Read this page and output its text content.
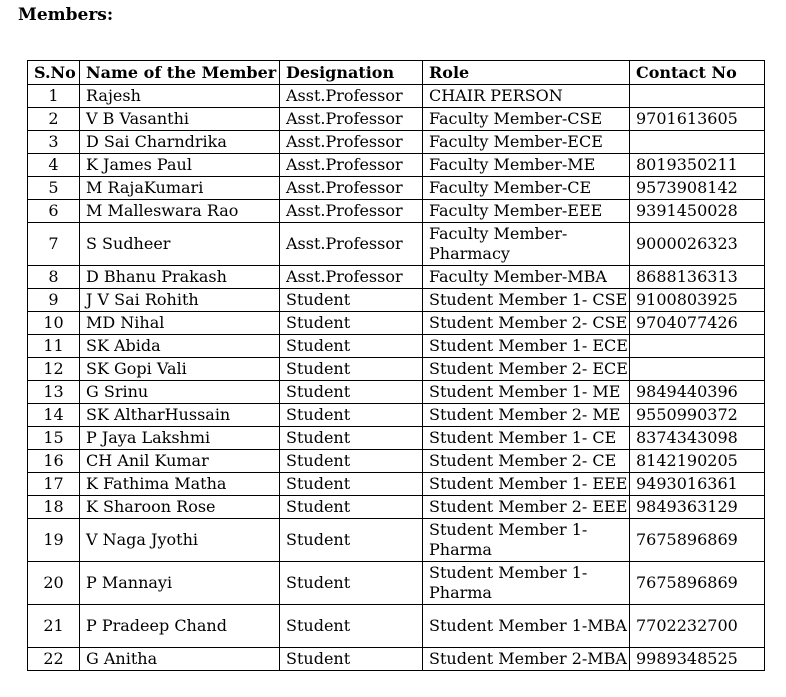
Members:
S.No	Name of the Member	Designation	Role	Contact No
1	Rajesh	Asst.Professor	CHAIR PERSON	
2	V B Vasanthi	Asst.Professor	Faculty Member-CSE	9701613605
3	D Sai Charndrika	Asst.Professor	Faculty Member-ECE	
4	K James Paul	Asst.Professor	Faculty Member-ME	8019350211
5	M RajaKumari	Asst.Professor	Faculty Member-CE	9573908142
6	M Malleswara Rao	Asst.Professor	Faculty Member-EEE	9391450028
7	S Sudheer	Asst.Professor	Faculty Member-Pharmacy	9000026323
8	D Bhanu Prakash	Asst.Professor	Faculty Member-MBA	8688136313
9	J V Sai Rohith	Student	Student Member 1- CSE	9100803925
10	MD Nihal	Student	Student Member 2- CSE	9704077426
11	SK Abida	Student	Student Member 1- ECE	
12	SK Gopi Vali	Student	Student Member 2- ECE	
13	G Srinu	Student	Student Member 1- ME	9849440396
14	SK AltharHussain	Student	Student Member 2- ME	9550990372
15	P Jaya Lakshmi	Student	Student Member 1- CE	8374343098
16	CH Anil Kumar	Student	Student Member 2- CE	8142190205
17	K Fathima Matha	Student	Student Member 1- EEE	9493016361
18	K Sharoon Rose	Student	Student Member 2- EEE	9849363129
19	V Naga Jyothi	Student	Student Member 1-Pharma	7675896869
20	P Mannayi	Student	Student Member 1-Pharma	7675896869
21	P Pradeep Chand	Student	Student Member 1-MBA	7702232700
22	G Anitha	Student	Student Member 2-MBA	9989348525
